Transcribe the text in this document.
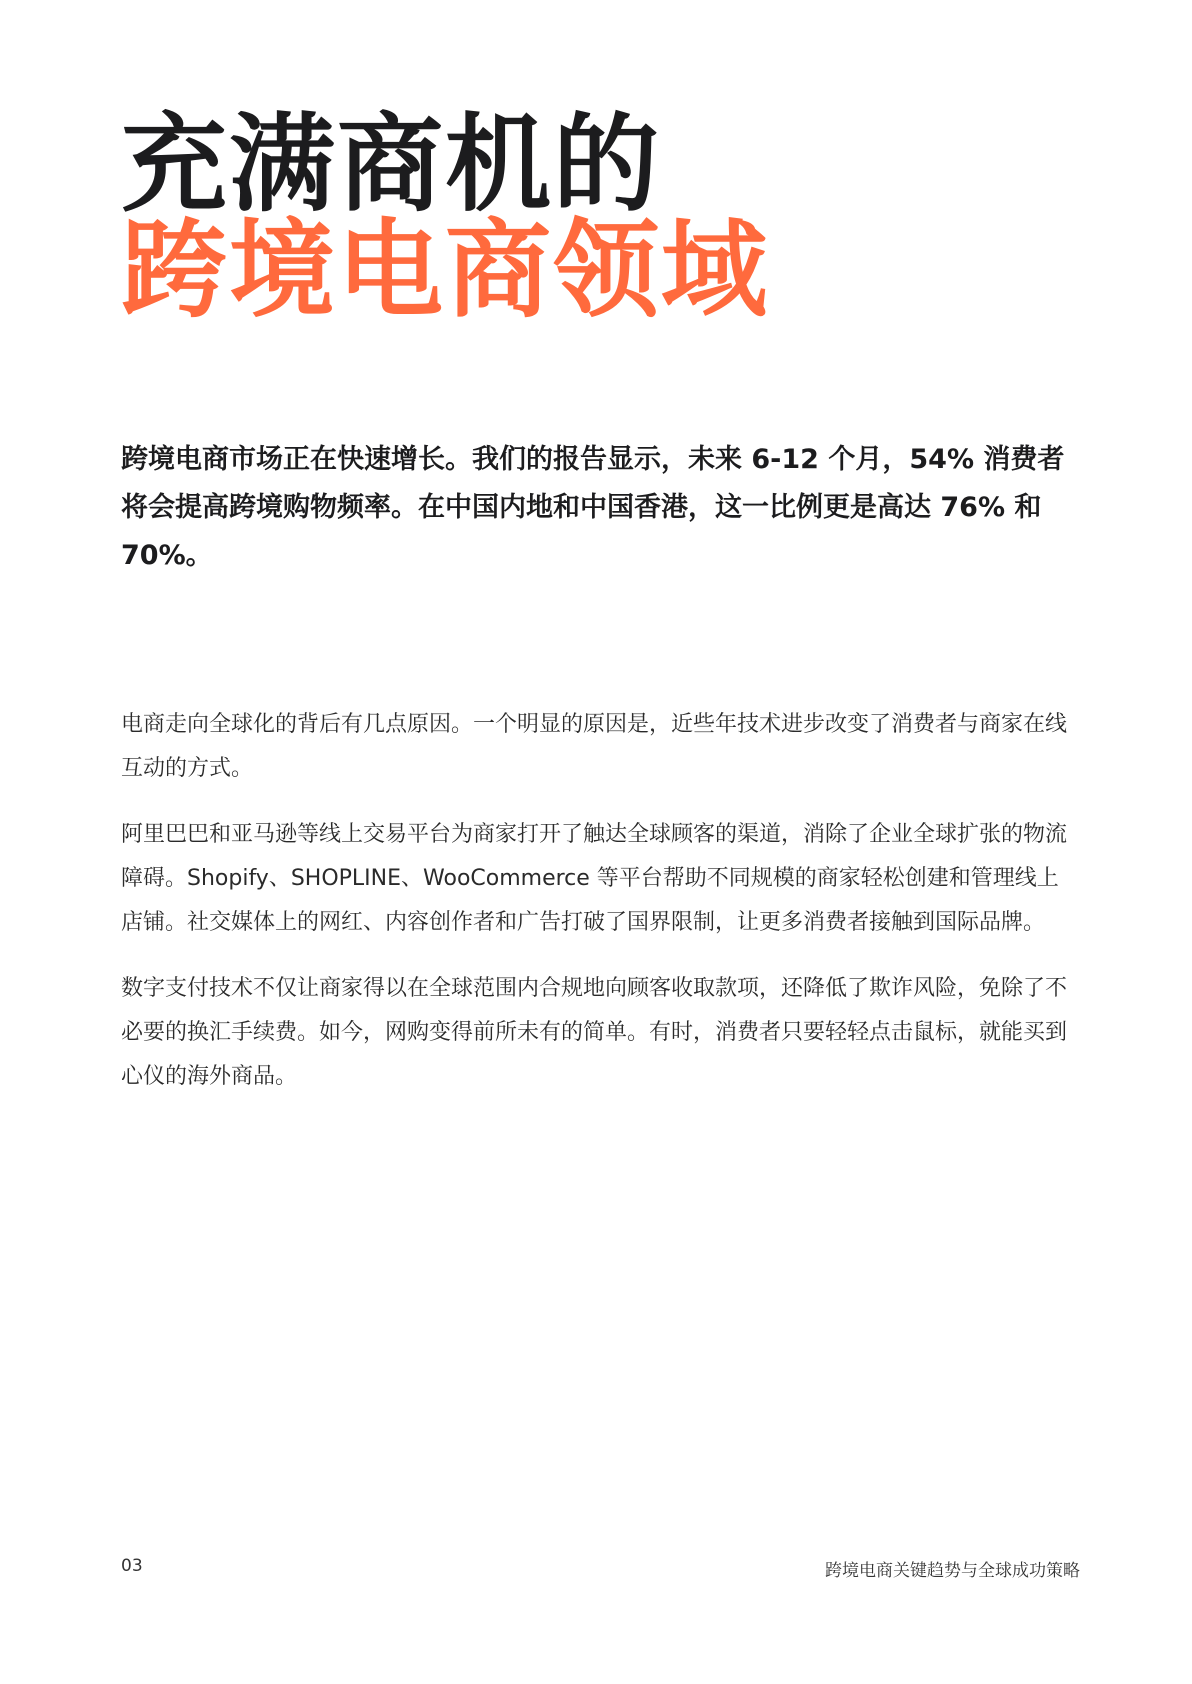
充满商机的
跨境电商领域

跨境电商市场正在快速增长。我们的报告显示，未来 6-12 个月，54% 消费者将会提高跨境购物频率。在中国内地和中国香港，这一比例更是高达 76% 和 70%。

电商走向全球化的背后有几点原因。一个明显的原因是，近些年技术进步改变了消费者与商家在线互动的方式。

阿里巴巴和亚马逊等线上交易平台为商家打开了触达全球顾客的渠道，消除了企业全球扩张的物流障碍。Shopify、SHOPLINE、WooCommerce 等平台帮助不同规模的商家轻松创建和管理线上店铺。社交媒体上的网红、内容创作者和广告打破了国界限制，让更多消费者接触到国际品牌。

数字支付技术不仅让商家得以在全球范围内合规地向顾客收取款项，还降低了欺诈风险，免除了不必要的换汇手续费。如今，网购变得前所未有的简单。有时，消费者只要轻轻点击鼠标，就能买到心仪的海外商品。

03	跨境电商关键趋势与全球成功策略
